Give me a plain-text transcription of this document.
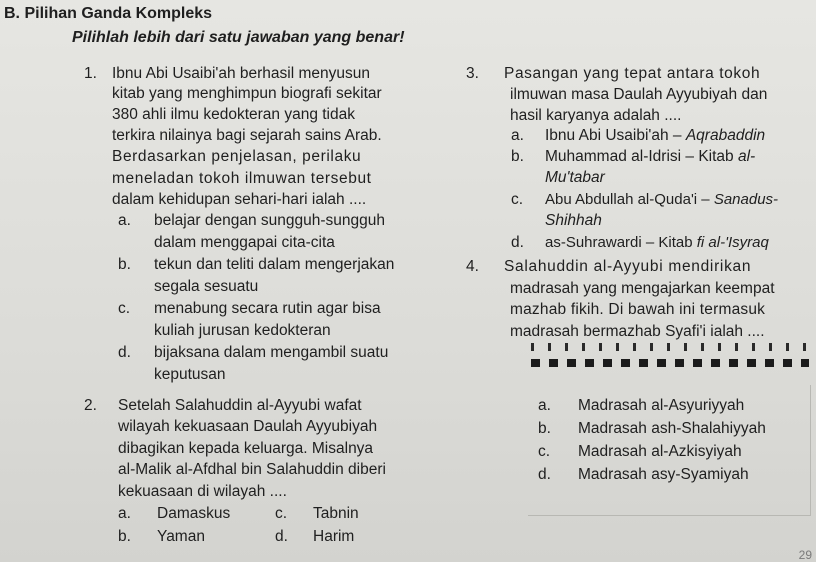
B. Pilihan Ganda Kompleks
Pilihlah lebih dari satu jawaban yang benar!
1. Ibnu Abi Usaibi'ah berhasil menyusun
kitab yang menghimpun biografi sekitar
380 ahli ilmu kedokteran yang tidak
terkira nilainya bagi sejarah sains Arab.
Berdasarkan penjelasan, perilaku
meneladan tokoh ilmuwan tersebut
dalam kehidupan sehari-hari ialah ....
a. belajar dengan sungguh-sungguh
dalam menggapai cita-cita
b. tekun dan teliti dalam mengerjakan
segala sesuatu
c. menabung secara rutin agar bisa
kuliah jurusan kedokteran
d. bijaksana dalam mengambil suatu
keputusan
2. Setelah Salahuddin al-Ayyubi wafat
wilayah kekuasaan Daulah Ayyubiyah
dibagikan kepada keluarga. Misalnya
al-Malik al-Afdhal bin Salahuddin diberi
kekuasaan di wilayah ....
a. Damaskus	c. Tabnin
b. Yaman	d. Harim
3. Pasangan yang tepat antara tokoh
ilmuwan masa Daulah Ayyubiyah dan
hasil karyanya adalah ....
a. Ibnu Abi Usaibi'ah – Aqrabaddin
b. Muhammad al-Idrisi – Kitab al-
Mu'tabar
c. Abu Abdullah al-Quda'i – Sanadus-
Shihhah
d. as-Suhrawardi – Kitab fi al-'Isyraq
4. Salahuddin al-Ayyubi mendirikan
madrasah yang mengajarkan keempat
mazhab fikih. Di bawah ini termasuk
madrasah bermazhab Syafi'i ialah ....
a. Madrasah al-Asyuriyyah
b. Madrasah ash-Shalahiyyah
c. Madrasah al-Azkisyiyah
d. Madrasah asy-Syamiyah
29
